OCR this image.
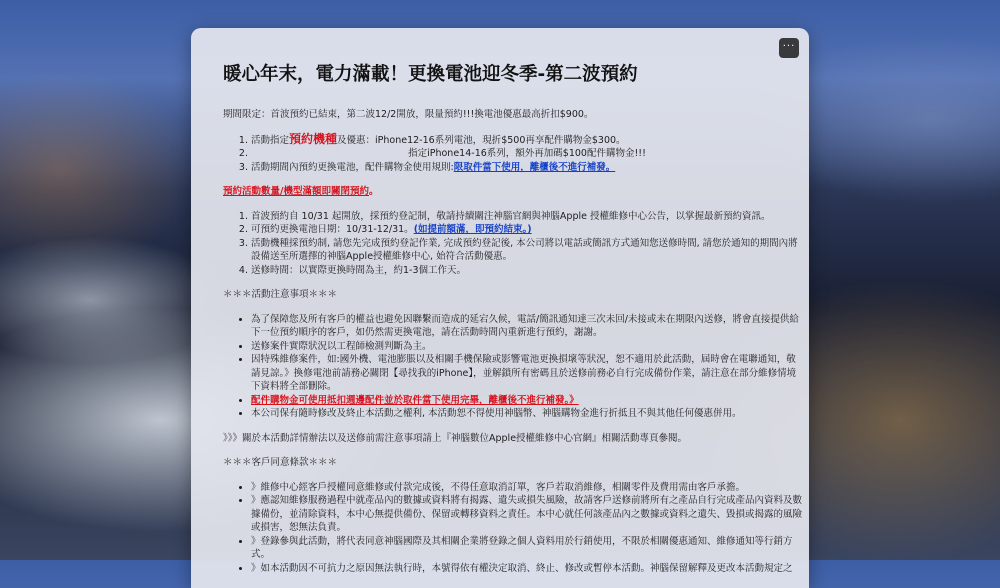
···
暖心年末，電力滿載！更換電池迎冬季-第二波預約

期間限定：首波預約已結束，第二波12/2開放，限量預約!!!換電池優惠最高折扣$900。

1. 活動指定預約機種及優惠：iPhone12-16系列電池，現折$500再享配件購物金$300。
2. 指定iPhone14-16系列，額外再加碼$100配件購物金!!!
3. 活動期間內預約更換電池，配件購物金使用規則:限取件當下使用，離櫃後不進行補發。

預約活動數量/機型滿額即關閉預約。

1. 首波預約自 10/31 起開放，採預約登記制，敬請持續關注神腦官網與神腦Apple 授權維修中心公告，以掌握最新預約資訊。
2. 可預約更換電池日期：10/31-12/31。(如提前額滿，即預約結束。)
3. 活動機種採預約制, 請您先完成預約登記作業, 完成預約登記後, 本公司將以電話或簡訊方式通知您送修時間, 請您於通知的期間內將設備送至所選擇的神腦Apple授權維修中心, 始符合活動優惠。
4. 送修時間：以實際更換時間為主，約1-3個工作天。

＊＊＊活動注意事項＊＊＊

• 為了保障您及所有客戶的權益也避免因聯繫而造成的延宕久候，電話/簡訊通知達三次未回/未接或未在期限內送修，將會直接提供給下一位預約順序的客戶，如仍然需更換電池，請在活動時間內重新進行預約，謝謝。
• 送修案件實際狀況以工程師檢測判斷為主。
• 因特殊維修案件，如:國外機、電池膨脹以及相關手機保險或影響電池更換損壞等狀況，恕不適用於此活動，屆時會在電聯通知，敬請見諒。》換修電池前請務必關閉【尋找我的iPhone】，並解鎖所有密碼且於送修前務必自行完成備份作業，請注意在部分維修情境下資料將全部刪除。
• 配件購物金可使用抵扣週邊配件並於取件當下使用完畢，離櫃後不進行補發。》
• 本公司保有隨時修改及終止本活動之權利, 本活動恕不得使用神腦幣、神腦購物金進行折抵且不與其他任何優惠併用。

》》》關於本活動詳情辦法以及送修前需注意事項請上『神腦數位Apple授權維修中心官網』相關活動專頁參閱。

＊＊＊客戶同意條款＊＊＊

• 》維修中心經客戶授權同意維修或付款完成後，不得任意取消訂單，客戶若取消維修，相關零件及費用需由客戶承擔。
• 》應認知維修服務過程中就產品內的數據或資料將有揭露、遺失或損失風險，故請客戶送修前將所有之產品自行完成產品內資料及數據備份，並清除資料，本中心無提供備份、保留或轉移資料之責任。本中心就任何該產品內之數據或資料之遺失、毀損或揭露的風險或損害，恕無法負責。
• 》登錄參與此活動，將代表同意神腦國際及其相關企業將登錄之個人資料用於行銷使用，不限於相關優惠通知、維修通知等行銷方式。
• 》如本活動因不可抗力之原因無法執行時，本號得依有權決定取消、終止、修改或暫停本活動。神腦保留解釋及更改本活動規定之
